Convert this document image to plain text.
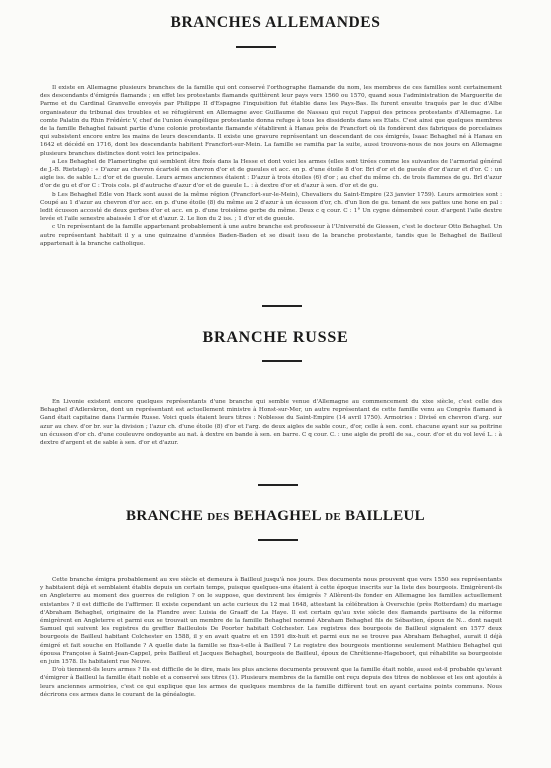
BRANCHES ALLEMANDES

Il existe en Allemagne plusieurs branches de la famille qui ont conservé l'orthographe flamande du nom, les membres de ces familles sont certainement des descendants d'émigrés flamands ; en effet les protestants flamands quittèrent leur pays vers 1560 ou 1570, quand sous l'administration de Marguerite de Parme et du Cardinal Granvelle envoyés par Philippe II d'Espagne l'inquisition fut établie dans les Pays-Bas. Ils furent ensuite traqués par le duc d'Albe organisateur du tribunal des troubles et se réfugièrent en Allemagne avec Guillaume de Nassau qui reçut l'appui des princes protestants d'Allemagne. Le comte Palatin du Rhin Frédéric V, chef de l'union évangélique protestante donna refuge à tous les dissidents dans ses Etats. C'est ainsi que quelques membres de la famille Behaghel faisant partie d'une colonie protestante flamande s'établirent à Hanau près de Francfort où ils fondèrent des fabriques de porcelaines qui subsistent encore entre les mains de leurs descendants. Il existe une gravure représentant un descendant de ces émigrés, Isaac Behaghel né à Hanau en 1642 et décédé en 1716, dont les descendants habitent Francfort-sur-Mein. La famille se ramifia par la suite, aussi trouvons-nous de nos jours en Allemagne plusieurs branches distinctes dont voici les principales.

a Les Behaghel de Flamertinghe qui semblent être fixés dans la Hesse et dont voici les armes (elles sont tirées comme les suivantes de l'armorial général de J.-B. Rietstap) : « D'azur au chevron écartelé en chevron d'or et de gueules et acc. en p. d'une étoile 8 d'or. Bri d'or et de gueule d'or d'azur et d'or. C : un aigle iss. de sable L.: d'or et de gueule. Leurs armes anciennes étaient : D'azur à trois étoiles (6) d'or ; au chef du même ch. de trois flammes de gu. Brl d'azur d'or de gu et d'or C : Trois cols. pl d'autruche d'azur d'or et de gueule L. : à dextre d'or et d'azur à sen. d'or et de gu.

b Les Behaghel Edle von Hack sont aussi de la même région (Francfort-sur-le-Mein), Chevaliers du Saint-Empire (23 janvier 1759). Leurs armoiries sont : Coupé au 1 d'azur au chevron d'or acc. en p. d'une étoile (8) du même au 2 d'azur à un écusson d'or, ch. d'un lion de gu. tenant de ses pattes une hone en pal : ledit écusson accosté de deux gerbes d'or et acc. en p. d'une troisième gerbe du même. Deux c q cour. C : 1° Un cygne démembré cour. d'argent l'aile dextre levée et l'aile senestre abaissée 1 d'or et d'azur. 2. Le lion du 2 iss. ; 1 d'or et de gueule.

c Un représentant de la famille appartenant probablement à une autre branche est professeur à l'Université de Giessen, c'est le docteur Otto Behaghel. Un autre représentant habitait il y a une quinzaine d'années Baden-Baden et se disait issu de la branche protestante, tandis que le Behaghel de Bailleul appartenait à la branche catholique.

BRANCHE RUSSE

En Livonie existent encore quelques représentants d'une branche qui semble venue d'Allemagne au commencement du xixe siècle, c'est celle des Behaghel d'Adlerskron, dont un représentant est actuellement ministre à Honst-sur-Mer, un autre représentant de cette famille venu au Congrès flamand à Gand était capitaine dans l'armée Russe. Voici quels étaient leurs titres : Noblesse du Saint-Empire (14 avril 1750). Armoiries : Divisé en chevron d'arg. sur azur au chev. d'or br. sur la division ; l'azur ch. d'une étoile (8) d'or et l'arg. de deux aigles de sable cour., d'or, celle à sen. cont. chacune ayant sur sa poitrine un écusson d'or ch. d'une couleuvre ondoyante au nat. à dextre en bande à sen. en barre. C q cour. C. : une aigle de profil de sa., cour. d'or et du vol levé L. : à dextre d'argent et de sable à sen. d'or et d'azur.

BRANCHE DES BEHAGHEL DE BAILLEUL

Cette branche émigra probablement au xve siècle et demeura à Bailleul jusqu'à nos jours. Des documents nous prouvent que vers 1550 ses représentants y habitaient déjà et semblaient établis depuis un certain temps, puisque quelques-uns étaient à cette époque inscrits sur la liste des bourgeois. Emigrèrent-ils en Angleterre au moment des guerres de religion ? on le suppose, que devinrent les émigrés ? Allèrent-ils fonder en Allemagne les familles actuellement existantes ? il est difficile de l'affirmer. Il existe cependant un acte curieux du 12 mai 1648, attestant la célébration à Overschie (près Rotterdam) du mariage d'Abraham Behaghel, originaire de la Flandre avec Luisia de Graaff de La Haye. Il est certain qu'au xvie siècle des flamands partisans de la réforme émigrèrent en Angleterre et parmi eux se trouvait un membre de la famille Behaghel nommé Abraham Behaghel fils de Sébastien, époux de N... dont naquit Samuel qui suivent les registres du greffier Bailleulois De Poorter habitait Colchester. Les registres des bourgeois de Bailleul signalent en 1577 deux bourgeois de Bailleul habitant Colchester en 1588, il y en avait quatre et en 1591 dix-huit et parmi eux ne se trouve pas Abraham Behaghel, aurait il déjà émigré et fait souche en Hollande ? A quelle date la famille se fixa-t-elle à Bailleul ? Le registre des bourgeois mentionne seulement Mathieu Behaghel qui épousa Françoise à Saint-Jean-Cappel, près Bailleul et Jacques Behaghel, bourgeois de Bailleul, époux de Chrétienne-Hageboort, qui réhabilite sa bourgeoisie en juin 1578. Ils habitaient rue Neuve.

D'où tiennent-ils leurs armes ? Ils est difficile de le dire, mais les plus anciens documents prouvent que la famille était noble, aussi est-il probable qu'avant d'émigrer à Bailleul la famille était noble et a conservé ses titres (1). Plusieurs membres de la famille ont reçu depuis des titres de noblesse et les ont ajoutés à leurs anciennes armoiries, c'est ce qui explique que les armes de quelques membres de la famille diffèrent tout en ayant certains points communs. Nous décrirons ces armes dans le courant de la généalogie.
